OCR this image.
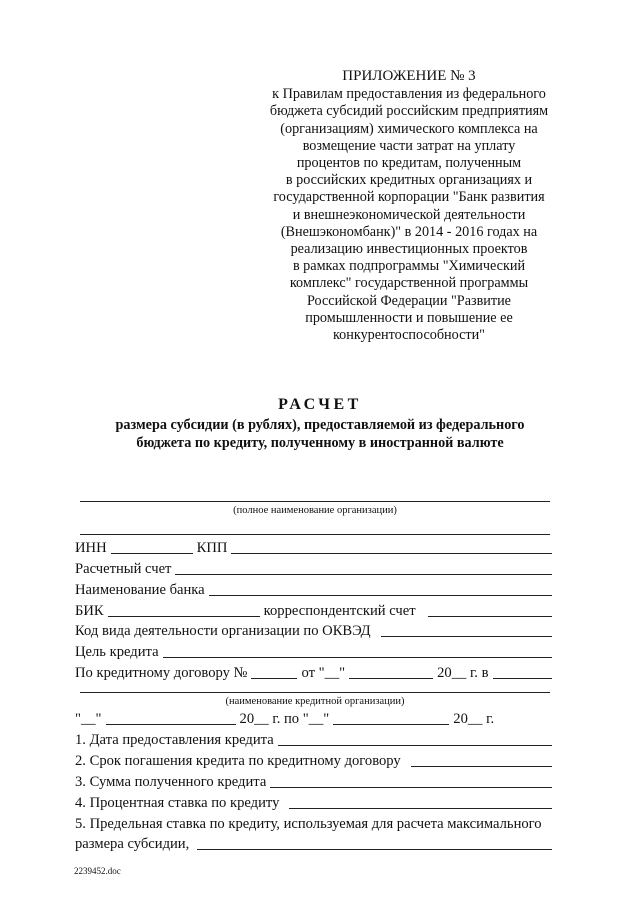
ПРИЛОЖЕНИЕ № 3
к Правилам предоставления из федерального
бюджета субсидий российским предприятиям
(организациям) химического комплекса на
возмещение части затрат на уплату
процентов по кредитам, полученным
в российских кредитных организациях и
государственной корпорации "Банк развития
и внешнеэкономической деятельности
(Внешэкономбанк)" в 2014 - 2016 годах на
реализацию инвестиционных проектов
в рамках подпрограммы "Химический
комплекс" государственной программы
Российской Федерации "Развитие
промышленности и повышение ее
конкурентоспособности"
РАСЧЕТ
размера субсидии (в рублях), предоставляемой из федерального
бюджета по кредиту, полученному в иностранной валюте
(полное наименование организации)
ИНН	КПП
Расчетный счет
Наименование банка
БИК	корреспондентский счет
Код вида деятельности организации по ОКВЭД
Цель кредита
По кредитному договору №	от "__"	20__ г. в
(наименование кредитной организации)
"__"	20__ г. по "__"	20__ г.
1. Дата предоставления кредита
2. Срок погашения кредита по кредитному договору
3. Сумма полученного кредита
4. Процентная ставка по кредиту
5. Предельная ставка по кредиту, используемая для расчета максимального
размера субсидии,
2239452.doc
